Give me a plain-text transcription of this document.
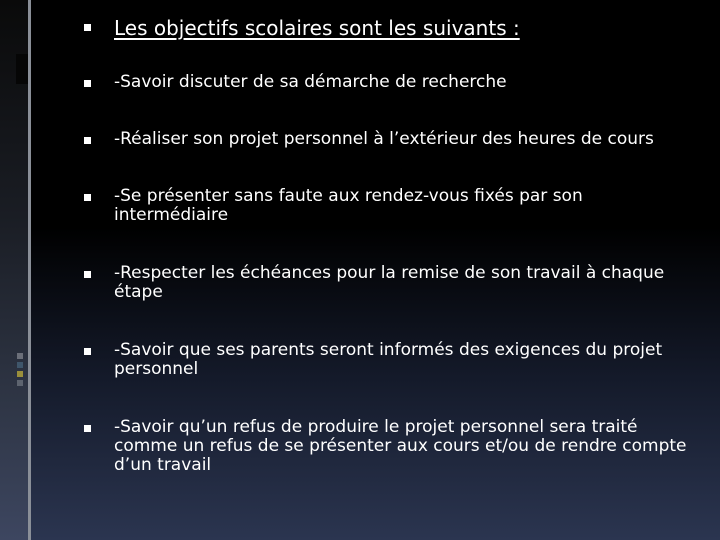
Les objectifs scolaires sont les suivants :
-Savoir discuter de sa démarche de recherche
-Réaliser son projet personnel à l’extérieur des heures de cours
-Se présenter sans faute aux rendez-vous fixés par son intermédiaire
-Respecter les échéances pour la remise de son travail à chaque étape
-Savoir que ses parents seront informés des exigences du projet personnel
-Savoir qu’un refus de produire le projet personnel sera traité comme un refus de se présenter aux cours et/ou de rendre compte d’un travail
